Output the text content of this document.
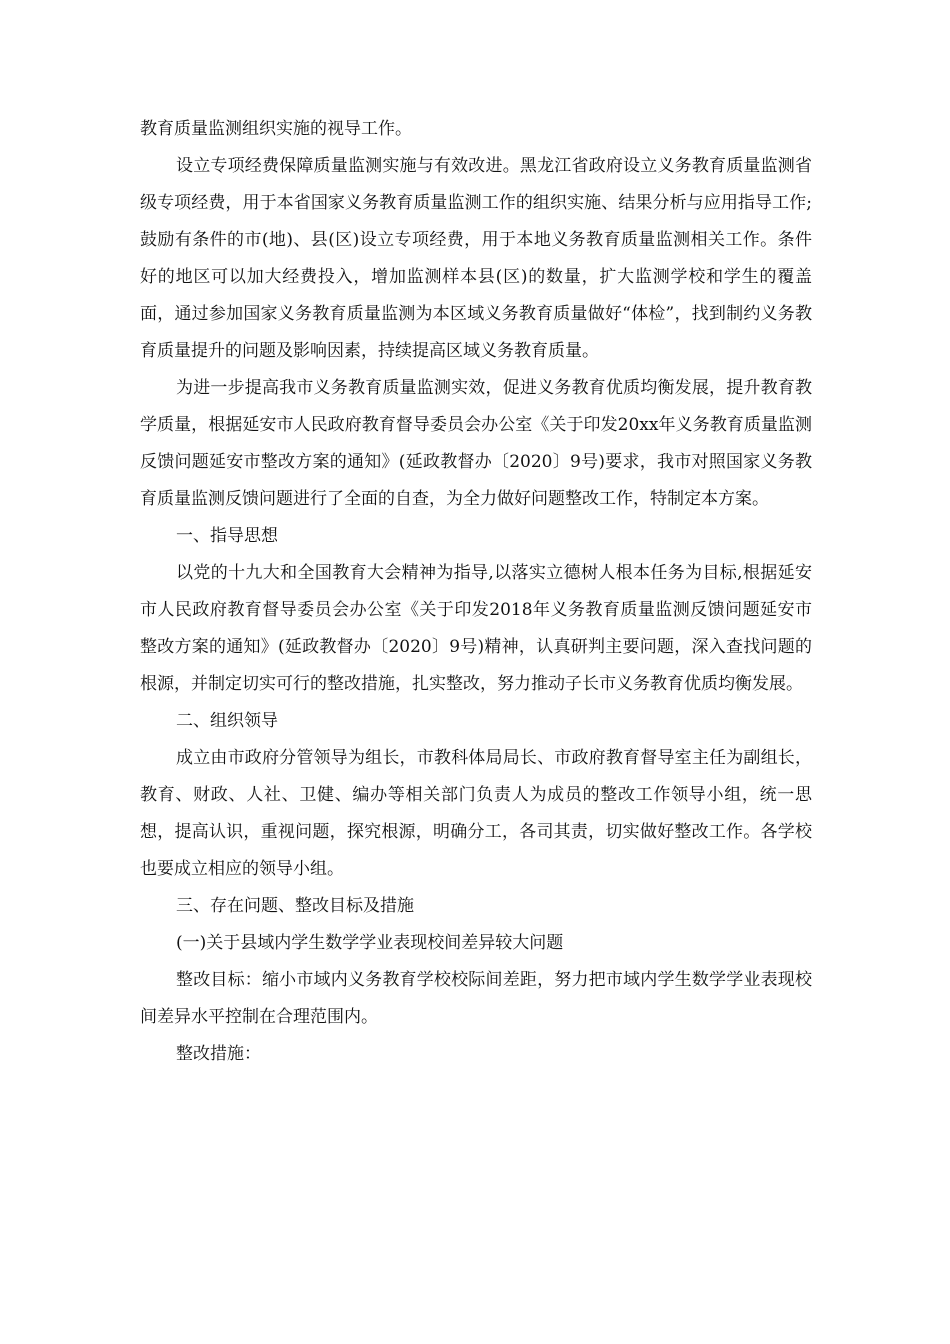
教育质量监测组织实施的视导工作。

设立专项经费保障质量监测实施与有效改进。黑龙江省政府设立义务教育质量监测省级专项经费，用于本省国家义务教育质量监测工作的组织实施、结果分析与应用指导工作;鼓励有条件的市(地)、县(区)设立专项经费，用于本地义务教育质量监测相关工作。条件好的地区可以加大经费投入，增加监测样本县(区)的数量，扩大监测学校和学生的覆盖面，通过参加国家义务教育质量监测为本区域义务教育质量做好“体检”，找到制约义务教育质量提升的问题及影响因素，持续提高区域义务教育质量。

为进一步提高我市义务教育质量监测实效，促进义务教育优质均衡发展，提升教育教学质量，根据延安市人民政府教育督导委员会办公室《关于印发20xx年义务教育质量监测反馈问题延安市整改方案的通知》(延政教督办〔2020〕9号)要求，我市对照国家义务教育质量监测反馈问题进行了全面的自查，为全力做好问题整改工作，特制定本方案。

一、指导思想

以党的十九大和全国教育大会精神为指导,以落实立德树人根本任务为目标,根据延安市人民政府教育督导委员会办公室《关于印发2018年义务教育质量监测反馈问题延安市整改方案的通知》(延政教督办〔2020〕9号)精神，认真研判主要问题，深入查找问题的根源，并制定切实可行的整改措施，扎实整改，努力推动子长市义务教育优质均衡发展。

二、组织领导

成立由市政府分管领导为组长，市教科体局局长、市政府教育督导室主任为副组长，教育、财政、人社、卫健、编办等相关部门负责人为成员的整改工作领导小组，统一思想，提高认识，重视问题，探究根源，明确分工，各司其责，切实做好整改工作。各学校也要成立相应的领导小组。

三、存在问题、整改目标及措施

(一)关于县域内学生数学学业表现校间差异较大问题

整改目标：缩小市域内义务教育学校校际间差距，努力把市域内学生数学学业表现校间差异水平控制在合理范围内。

整改措施：
